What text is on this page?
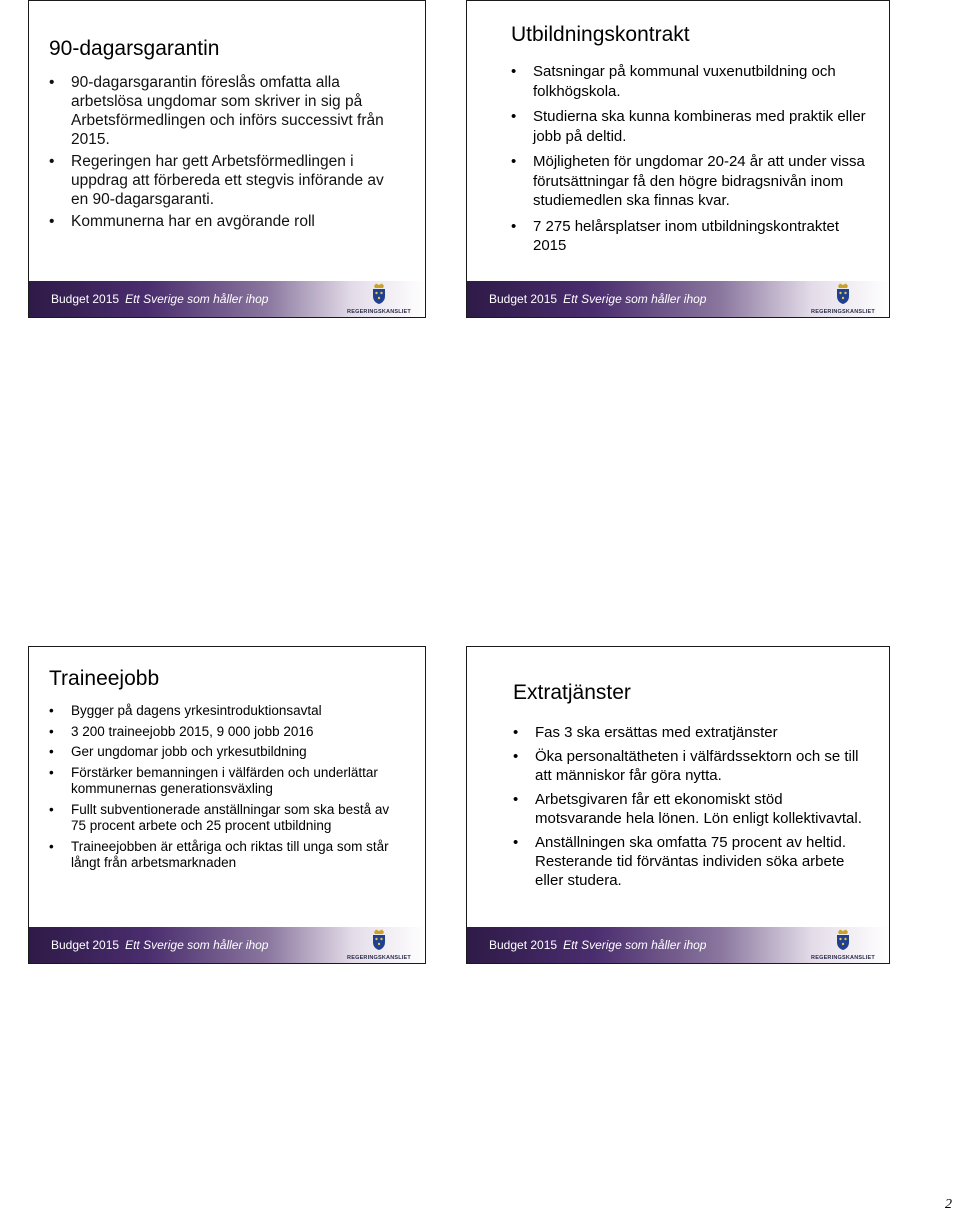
90-dagarsgarantin
• 90-dagarsgarantin föreslås omfatta alla arbetslösa ungdomar som skriver in sig på Arbetsförmedlingen och införs successivt från 2015.
• Regeringen har gett Arbetsförmedlingen i uppdrag att förbereda ett stegvis införande av en 90-dagarsgaranti.
• Kommunerna har en avgörande roll
Budget 2015 Ett Sverige som håller ihop
REGERINGSKANSLIET
Utbildningskontrakt
• Satsningar på kommunal vuxenutbildning och folkhögskola.
• Studierna ska kunna kombineras med praktik eller jobb på deltid.
• Möjligheten för ungdomar 20-24 år att under vissa förutsättningar få den högre bidragsnivån inom studiemedlen ska finnas kvar.
• 7 275 helårsplatser inom utbildningskontraktet 2015
Budget 2015 Ett Sverige som håller ihop
REGERINGSKANSLIET
Traineejobb
• Bygger på dagens yrkesintroduktionsavtal
• 3 200 traineejobb 2015, 9 000 jobb 2016
• Ger ungdomar jobb och yrkesutbildning
• Förstärker bemanningen i välfärden och underlättar kommunernas generationsväxling
• Fullt subventionerade anställningar som ska bestå av 75 procent arbete och 25 procent utbildning
• Traineejobben är ettåriga och riktas till unga som står långt från arbetsmarknaden
Budget 2015 Ett Sverige som håller ihop
REGERINGSKANSLIET
Extratjänster
• Fas 3 ska ersättas med extratjänster
• Öka personaltätheten i välfärdssektorn och se till att människor får göra nytta.
• Arbetsgivaren får ett ekonomiskt stöd motsvarande hela lönen. Lön enligt kollektivavtal.
• Anställningen ska omfatta 75 procent av heltid. Resterande tid förväntas individen söka arbete eller studera.
Budget 2015 Ett Sverige som håller ihop
REGERINGSKANSLIET
2
